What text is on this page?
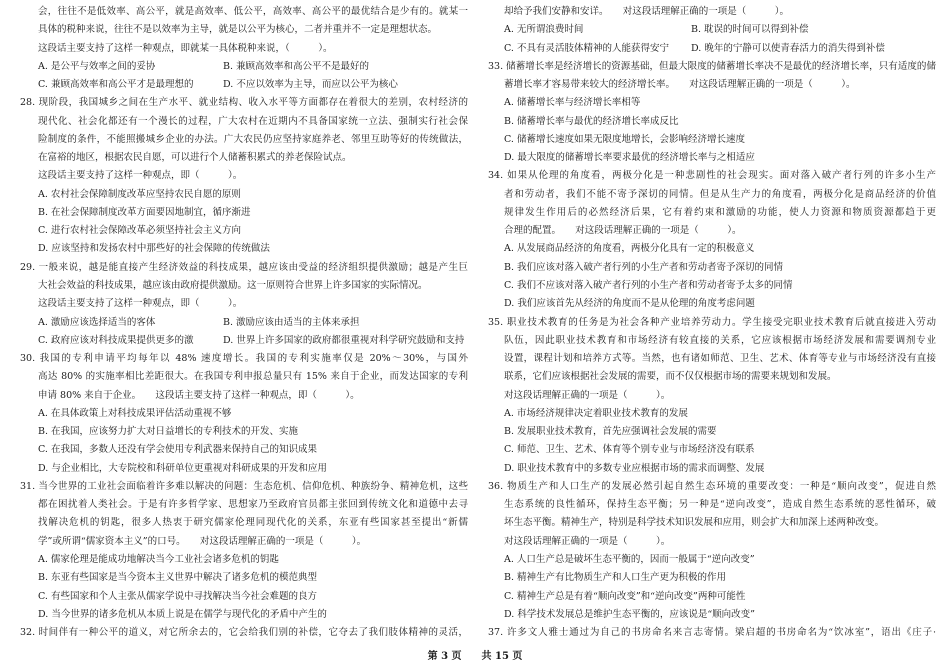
会，往往不是低效率、高公平，就是高效率、低公平，高效率、高公平的最优结合是少有的。就某一
具体的税种来说，往往不是以效率为主导，就是以公平为核心，二者并重并不一定是理想状态。
这段话主要支持了这样一种观点，即就某一具体税种来说，（　　　）。
A. 是公平与效率之间的妥协	B. 兼顾高效率和高公平不是最好的
C. 兼顾高效率和高公平才是最理想的	D. 不应以效率为主导，而应以公平为核心
28. 现阶段，我国城乡之间在生产水平、就业结构、收入水平等方面都存在着很大的差别，农村经济的
现代化、社会化都还有一个漫长的过程，广大农村在近期内不具备国家统一立法、强制实行社会保
险制度的条件，不能照搬城乡企业的办法。广大农民仍应坚持家庭养老、邻里互助等好的传统做法，
在富裕的地区，根据农民自愿，可以进行个人储蓄积累式的养老保险试点。
这段话主要支持了这样一种观点，即（　　　）。
A. 农村社会保障制度改革应坚持农民自愿的原则
B. 在社会保障制度改革方面要因地制宜，循序渐进
C. 进行农村社会保障改革必须坚持社会主义方向
D. 应该坚持和发扬农村中那些好的社会保障的传统做法
29. 一般来说，越是能直接产生经济效益的科技成果，越应该由受益的经济组织提供激励；越是产生巨
大社会效益的科技成果，越应该由政府提供激励。这一原则符合世界上许多国家的实际情况。
这段话主要支持了这样一种观点，即（　　　）。
A. 激励应该选择适当的客体	B. 激励应该由适当的主体来承担
C. 政府应该对科技成果提供更多的激	D. 世界上许多国家的政府都很重视对科学研究鼓励和支持
30. 我国的专利申请平均每年以 48% 速度增长。我国的专利实施率仅是 20%～30%，与国外
高达 80% 的实施率相比差距很大。在我国专利申报总量只有 15% 来自于企业，而发达国家的专利
申请 80% 来自于企业。　　这段话主要支持了这样一种观点，即（　　　）。
A. 在具体政策上对科技成果评估活动重视不够
B. 在我国，应该努力扩大对日益增长的专利技术的开发、实施
C. 在我国，多数人还没有学会使用专利武器来保持自己的知识成果
D. 与企业相比，大专院校和科研单位更重视对科研成果的开发和应用
31. 当今世界的工业社会面临着许多难以解决的问题：生态危机、信仰危机、种族纷争、精神危机，这些
都在困扰着人类社会。于是有许多哲学家、思想家乃至政府官员都主张回到传统文化和道德中去寻
找解决危机的钥匙，很多人热衷于研究儒家伦理同现代化的关系，东亚有些国家甚至提出“新儒
学”或所谓“儒家资本主义”的口号。　　对这段话理解正确的一项是（　　　）。
A. 儒家伦理是能成功地解决当今工业社会诸多危机的钥匙
B. 东亚有些国家是当今资本主义世界中解决了诸多危机的模范典型
C. 有些国家和个人主张从儒家学说中寻找解决当今社会难题的良方
D. 当今世界的诸多危机从本质上说是在儒学与现代化的矛盾中产生的
32. 时间伴有一种公平的道义，对它所余去的，它会给我们别的补偿，它夺去了我们肢体精神的灵活，
却给予我们安静和安详。　　对这段话理解正确的一项是（　　　）。
A. 无所谓浪费时间	B. 耽误的时间可以得到补偿
C. 不具有灵活肢体精神的人能获得安宁 D. 晚年的宁静可以使青春活力的消失得到补偿
33. 储蓄增长率是经济增长的资源基础，但最大限度的储蓄增长率决不是最优的经济增长率，只有适度的储
蓄增长率才容易带来较大的经济增长率。　　对这段话理解正确的一项是（　　　）。
A. 储蓄增长率与经济增长率相等
B. 储蓄增长率与最优的经济增长率成反比
C. 储蓄增长速度如果无限度地增长，会影响经济增长速度
D. 最大限度的储蓄增长率要求最优的经济增长率与之相适应
34. 如果从伦理的角度看，两极分化是一种悲剧性的社会现实。面对落入破产者行列的许多小生产
者和劳动者，我们不能不寄予深切的同情。但是从生产力的角度看，两极分化是商品经济的价值
规律发生作用后的必然经济后果，它有着约束和激励的功能，使人力资源和物质资源都趋于更
合理的配置。　　对这段话理解正确的一项是（　　　）。
A. 从发展商品经济的角度看，两极分化具有一定的积极意义
B. 我们应该对落入破产者行列的小生产者和劳动者寄予深切的同情
C. 我们不应该对落入破产者行列的小生产者和劳动者寄予太多的同情
D. 我们应该首先从经济的角度而不是从伦理的角度考虑问题
35. 职业技术教育的任务是为社会各种产业培养劳动力。学生接受完职业技术教育后就直接进入劳动
队伍，因此职业技术教育和市场经济有较直接的关系，它应该根据市场经济发展和需要调剂专业
设置，课程计划和培养方式等。当然，也有诸如师范、卫生、艺术、体育等专业与市场经济没有直接
联系，它们应该根据社会发展的需要，而不仅仅根据市场的需要来规划和发展。
对这段话理解正确的一项是（　　　）。
A. 市场经济规律决定着职业技术教育的发展
B. 发展职业技术教育，首先应强调社会发展的需要
C. 师范、卫生、艺术、体育等个别专业与市场经济没有联系
D. 职业技术教育中的多数专业应根据市场的需求而调整、发展
36. 物质生产和人口生产的发展必然引起自然生态环境的重要改变：一种是“顺向改变”，促进自然
生态系统的良性循环，保持生态平衡；另一种是“逆向改变”，造成自然生态系统的恶性循环，破
坏生态平衡。精神生产，特别是科学技术知识发展和应用，则会扩大和加深上述两种改变。
对这段话理解正确的一项是（　　　）。
A. 人口生产总是破坏生态平衡的，因而一般属于“逆向改变”
B. 精神生产有比物质生产和人口生产更为积极的作用
C. 精神生产总是有着“顺向改变”和“逆向改变”两种可能性
D. 科学技术发展总是维护生态平衡的，应该说是“顺向改变”
37. 许多文人雅士通过为自己的书房命名来言志寄情。梁启超的书房命名为“饮冰室”，语出《庄子·
第 3 页　　共 15 页
